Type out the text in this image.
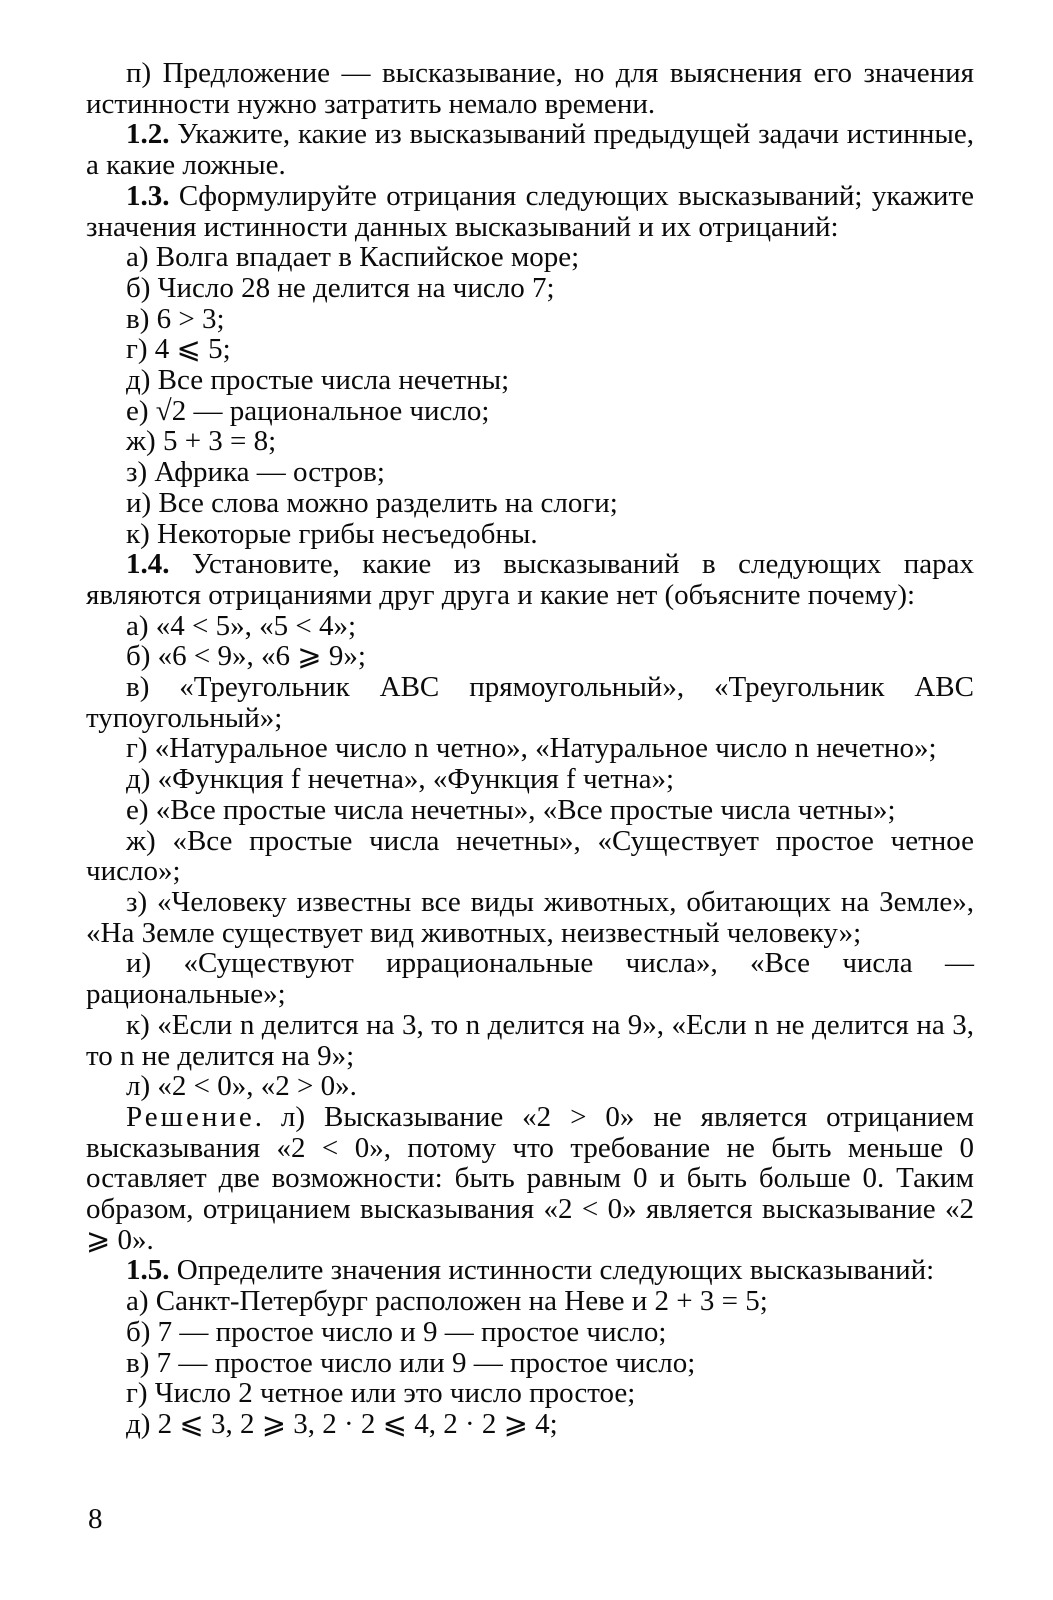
п) Предложение — высказывание, но для выяснения его значения истинности нужно затратить немало времени.

1.2. Укажите, какие из высказываний предыдущей задачи истинные, а какие ложные.

1.3. Сформулируйте отрицания следующих высказываний; укажите значения истинности данных высказываний и их отрицаний:

а) Волга впадает в Каспийское море;

б) Число 28 не делится на число 7;

в) 6 > 3;

г) 4 ⩽ 5;

д) Все простые числа нечетны;

е) √2 — рациональное число;

ж) 5 + 3 = 8;

з) Африка — остров;

и) Все слова можно разделить на слоги;

к) Некоторые грибы несъедобны.

1.4. Установите, какие из высказываний в следующих парах являются отрицаниями друг друга и какие нет (объясните почему):

а) «4 < 5», «5 < 4»;

б) «6 < 9», «6 ⩾ 9»;

в) «Треугольник ABC прямоугольный», «Треугольник ABC тупоугольный»;

г) «Натуральное число n четно», «Натуральное число n нечетно»;

д) «Функция f нечетна», «Функция f четна»;

е) «Все простые числа нечетны», «Все простые числа четны»;

ж) «Все простые числа нечетны», «Существует простое четное число»;

з) «Человеку известны все виды животных, обитающих на Земле», «На Земле существует вид животных, неизвестный человеку»;

и) «Существуют иррациональные числа», «Все числа — рациональные»;

к) «Если n делится на 3, то n делится на 9», «Если n не делится на 3, то n не делится на 9»;

л) «2 < 0», «2 > 0».

Решение. л) Высказывание «2 > 0» не является отрицанием высказывания «2 < 0», потому что требование не быть меньше 0 оставляет две возможности: быть равным 0 и быть больше 0. Таким образом, отрицанием высказывания «2 < 0» является высказывание «2 ⩾ 0».

1.5. Определите значения истинности следующих высказываний:

а) Санкт-Петербург расположен на Неве и 2 + 3 = 5;

б) 7 — простое число и 9 — простое число;

в) 7 — простое число или 9 — простое число;

г) Число 2 четное или это число простое;

д) 2 ⩽ 3, 2 ⩾ 3, 2 · 2 ⩽ 4, 2 · 2 ⩾ 4;

8
